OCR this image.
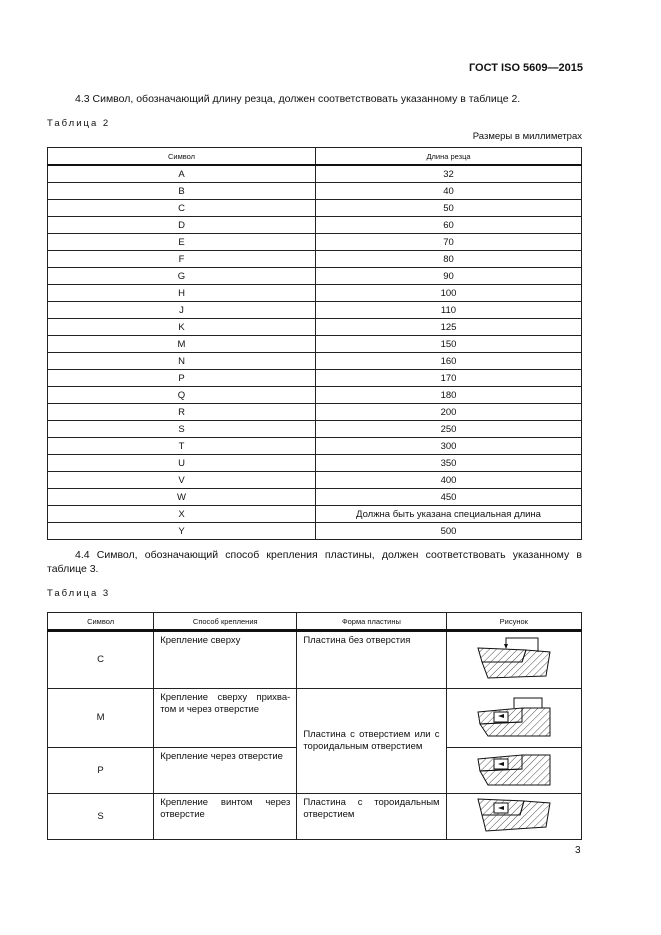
ГОСТ ISO 5609—2015
4.3 Символ, обозначающий длину резца, должен соответствовать указанному в таблице 2.
Таблица 2
Размеры в миллиметрах
Символ	Длина резца
A	32
B	40
C	50
D	60
E	70
F	80
G	90
H	100
J	110
K	125
M	150
N	160
P	170
Q	180
R	200
S	250
T	300
U	350
V	400
W	450
X	Должна быть указана специальная длина
Y	500
4.4 Символ, обозначающий способ крепления пластины, должен соответствовать указанному в таблице 3.
Таблица 3
Символ	Способ крепления	Форма пластины	Рисунок
C	Крепление сверху	Пластина без отверстия	
M	Крепление сверху прихва-том и через отверстие	Пластина с отверстием или с тороидальным отверстием	
P	Крепление через отверстие	
S	Крепление винтом через отверстие	Пластина с тороидальным отверстием	
3
